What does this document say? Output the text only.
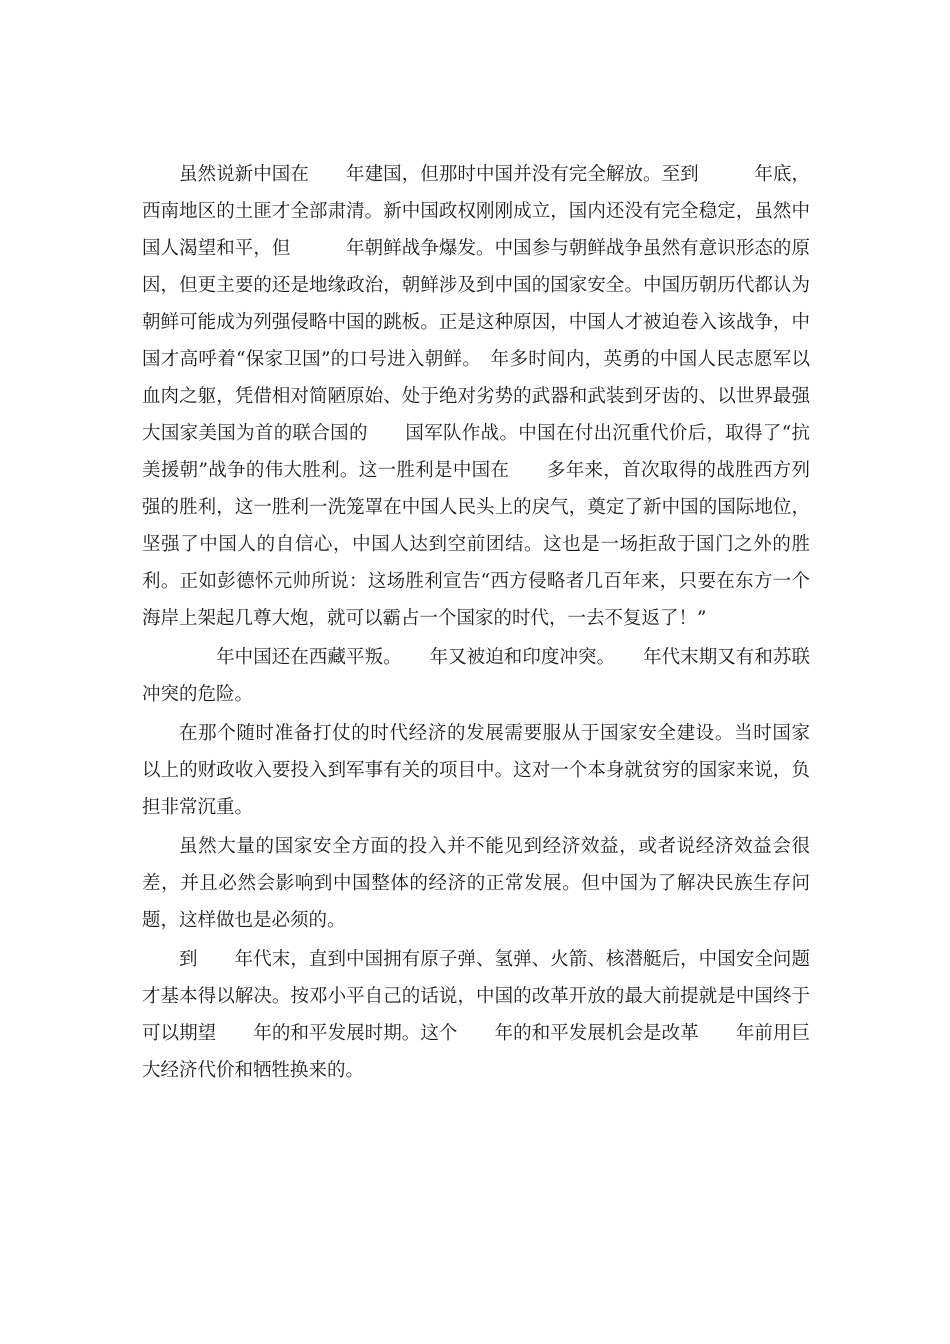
虽然说新中国在　　年建国，但那时中国并没有完全解放。至到　　　年底，西南地区的土匪才全部肃清。新中国政权刚刚成立，国内还没有完全稳定，虽然中国人渴望和平，但　　　年朝鲜战争爆发。中国参与朝鲜战争虽然有意识形态的原因，但更主要的还是地缘政治，朝鲜涉及到中国的国家安全。中国历朝历代都认为朝鲜可能成为列强侵略中国的跳板。正是这种原因，中国人才被迫卷入该战争，中国才高呼着“保家卫国”的口号进入朝鲜。　年多时间内，英勇的中国人民志愿军以血肉之躯，凭借相对简陋原始、处于绝对劣势的武器和武装到牙齿的、以世界最强大国家美国为首的联合国的　　国军队作战。中国在付出沉重代价后，取得了“抗美援朝”战争的伟大胜利。这一胜利是中国在　　多年来，首次取得的战胜西方列强的胜利，这一胜利一洗笼罩在中国人民头上的戾气，奠定了新中国的国际地位，坚强了中国人的自信心，中国人达到空前团结。这也是一场拒敌于国门之外的胜利。正如彭德怀元帅所说：这场胜利宣告“西方侵略者几百年来，只要在东方一个海岸上架起几尊大炮，就可以霸占一个国家的时代，一去不复返了！”

　　年中国还在西藏平叛。　　年又被迫和印度冲突。　　年代末期又有和苏联冲突的危险。

在那个随时准备打仗的时代经济的发展需要服从于国家安全建设。当时国家　以上的财政收入要投入到军事有关的项目中。这对一个本身就贫穷的国家来说，负担非常沉重。

虽然大量的国家安全方面的投入并不能见到经济效益，或者说经济效益会很差，并且必然会影响到中国整体的经济的正常发展。但中国为了解决民族生存问题，这样做也是必须的。

到　　年代末，直到中国拥有原子弹、氢弹、火箭、核潜艇后，中国安全问题才基本得以解决。按邓小平自己的话说，中国的改革开放的最大前提就是中国终于可以期望　　年的和平发展时期。这个　　年的和平发展机会是改革　　年前用巨大经济代价和牺牲换来的。
